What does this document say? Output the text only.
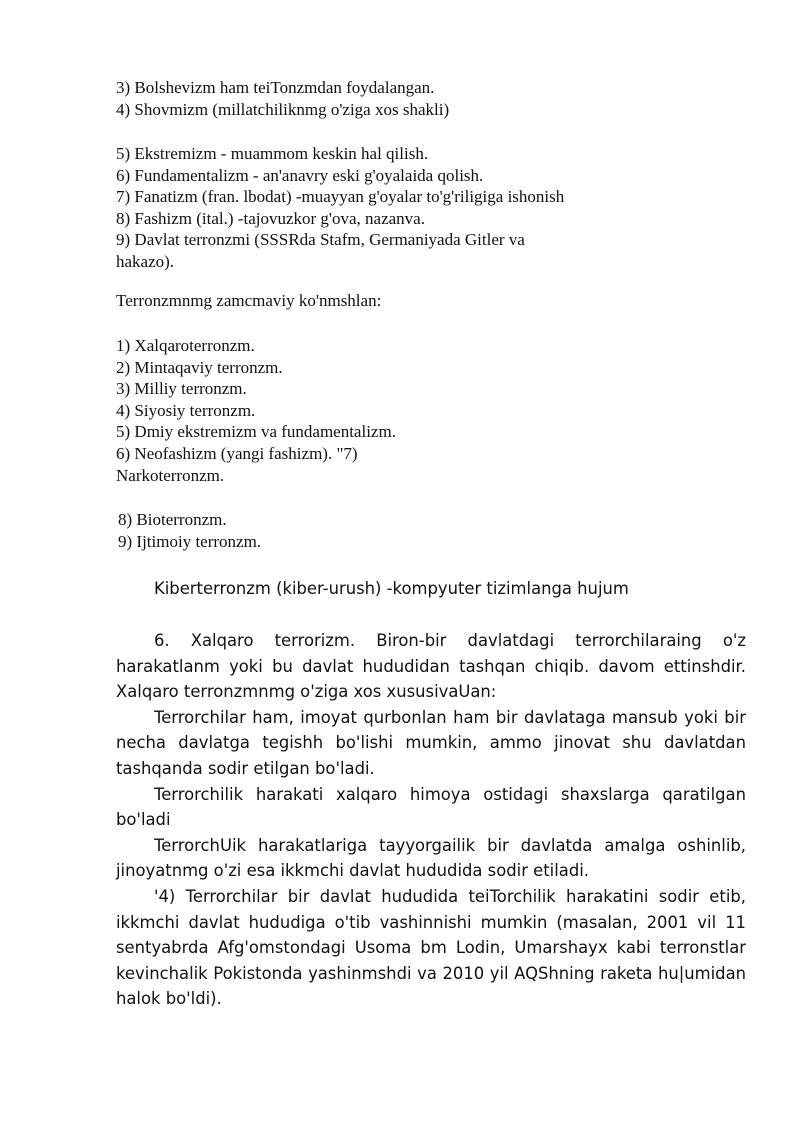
3) Bolshevizm ham teiTonzmdan foydalangan.
4) Shovmizm (millatchiliknmg o'ziga xos shakli)
5) Ekstremizm - muammom keskin hal qilish.
6) Fundamentalizm - an'anavry eski g'oyalaida qolish.
7) Fanatizm (fran. lbodat) -muayyan g'oyalar to'g'riligiga ishonish
8) Fashizm (ital.) -tajovuzkor g'ova, nazanva.
9) Davlat terronzmi (SSSRda Stafm, Germaniyada Gitler va
hakazo).
Terronzmnmg zamcmaviy ko'nmshlan:
1) Xalqaroterronzm.
2) Mintaqaviy terronzm.
3) Milliy terronzm.
4) Siyosiy terronzm.
5) Dmiy ekstremizm va fundamentalizm.
6) Neofashizm (yangi fashizm). "7)
Narkoterronzm.
8) Bioterronzm.
9) Ijtimoiy terronzm.
Kiberterronzm (kiber-urush) -kompyuter tizimlanga hujum

6. Xalqaro terrorizm. Biron-bir davlatdagi terrorchilaraing o'z harakatlanm yoki bu davlat hududidan tashqan chiqib. davom ettinshdir. Xalqaro terronzmnmg o'ziga xos xususivaUan:

Terrorchilar ham, imoyat qurbonlan ham bir davlataga mansub yoki bir necha davlatga tegishh bo'lishi mumkin, ammo jinovat shu davlatdan tashqanda sodir etilgan bo'ladi.

Terrorchilik harakati xalqaro himoya ostidagi shaxslarga qaratilgan bo'ladi

TerrorchUik harakatlariga tayyorgailik bir davlatda amalga oshinlib, jinoyatnmg o'zi esa ikkmchi davlat hududida sodir etiladi.

'4) Terrorchilar bir davlat hududida teiTorchilik harakatini sodir etib, ikkmchi davlat hududiga o'tib vashinnishi mumkin (masalan, 2001 vil 11 sentyabrda Afg'omstondagi Usoma bm Lodin, Umarshayx kabi terronstlar kevinchalik Pokistonda yashinmshdi va 2010 yil AQShning raketa hu|umidan halok bo'ldi).
